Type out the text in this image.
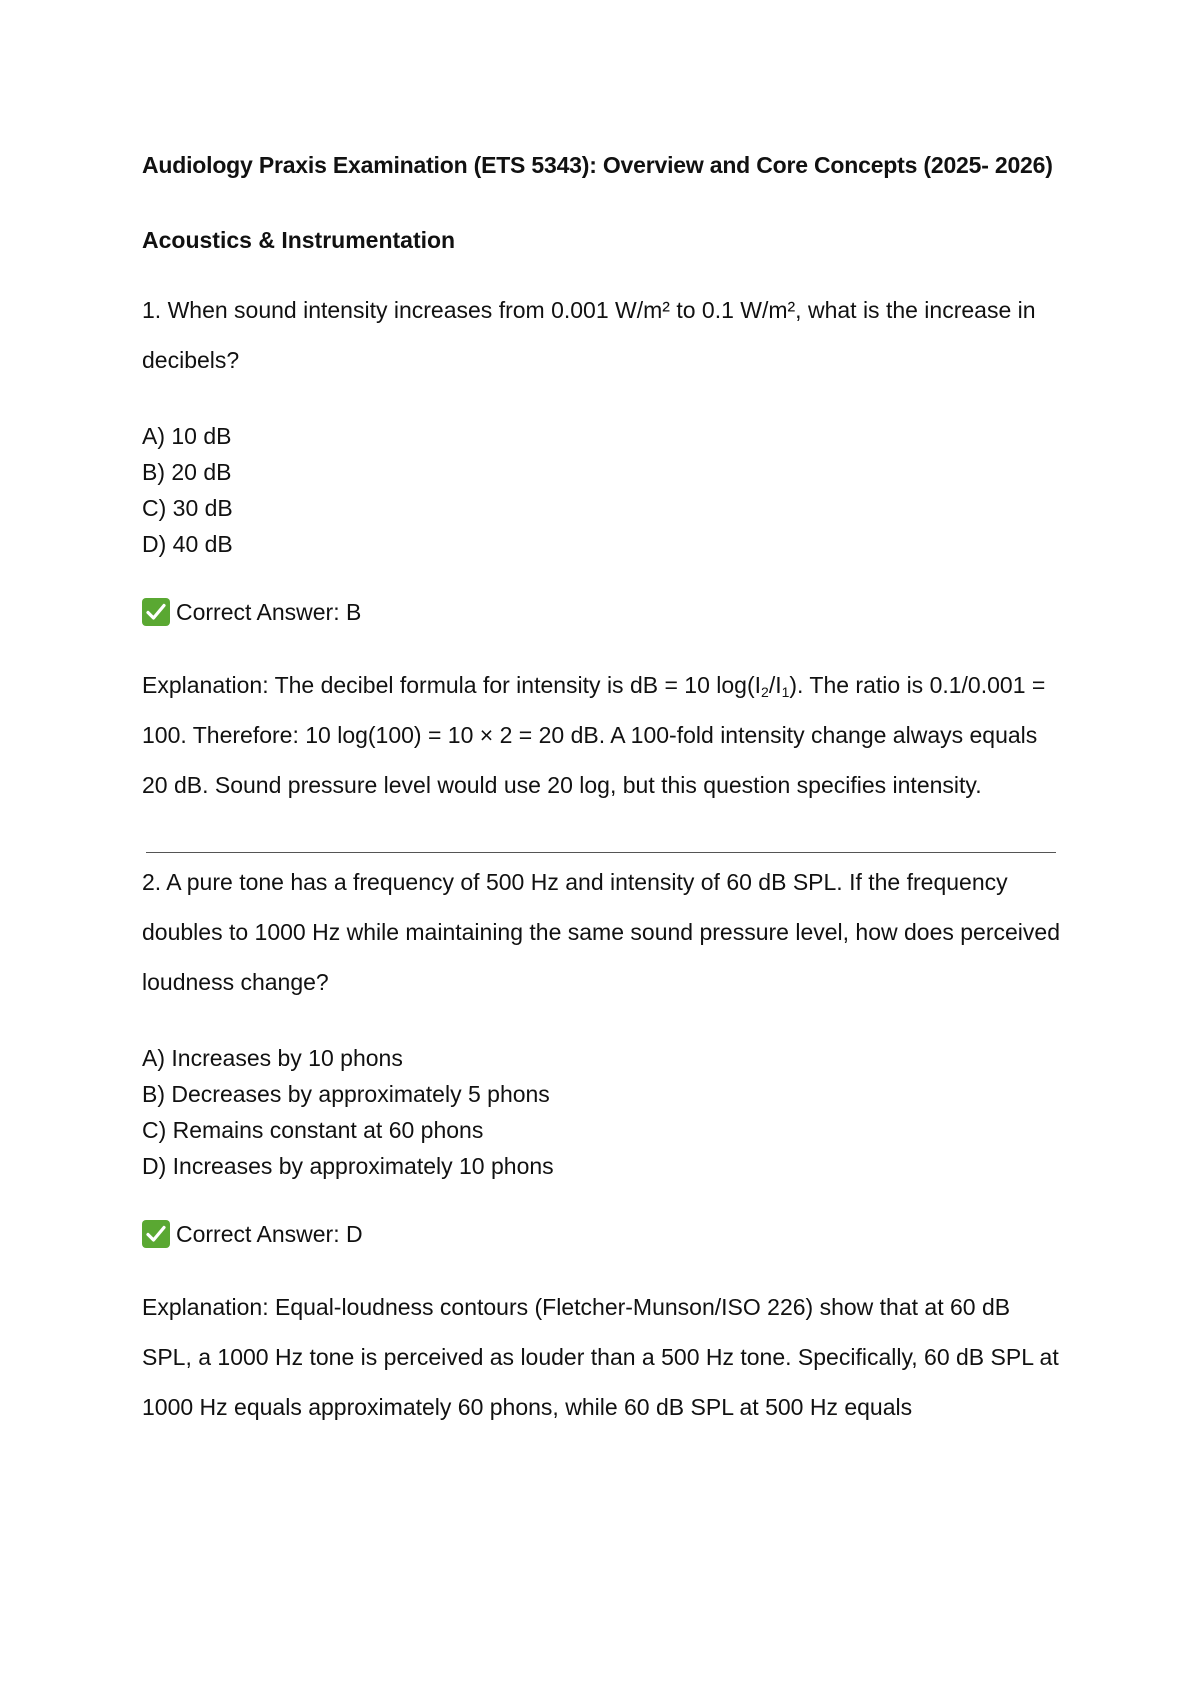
Audiology Praxis Examination (ETS 5343): Overview and Core Concepts (2025- 2026)

Acoustics & Instrumentation

1. When sound intensity increases from 0.001 W/m² to 0.1 W/m², what is the increase in decibels?

A) 10 dB
B) 20 dB
C) 30 dB
D) 40 dB
Correct Answer: B

Explanation: The decibel formula for intensity is dB = 10 $\log(I_2/I_1)$. The ratio is 0.1/0.001 = 100. Therefore: 10 log(100) = 10 × 2 = 20 dB. A 100-fold intensity change always equals 20 dB. Sound pressure level would use 20 log, but this question specifies intensity.

2. A pure tone has a frequency of 500 Hz and intensity of 60 dB SPL. If the frequency doubles to 1000 Hz while maintaining the same sound pressure level, how does perceived loudness change?

A) Increases by 10 phons
B) Decreases by approximately 5 phons
C) Remains constant at 60 phons
D) Increases by approximately 10 phons
Correct Answer: D

Explanation: Equal-loudness contours (Fletcher-Munson/ISO 226) show that at 60 dB SPL, a 1000 Hz tone is perceived as louder than a 500 Hz tone. Specifically, 60 dB SPL at 1000 Hz equals approximately 60 phons, while 60 dB SPL at 500 Hz equals
